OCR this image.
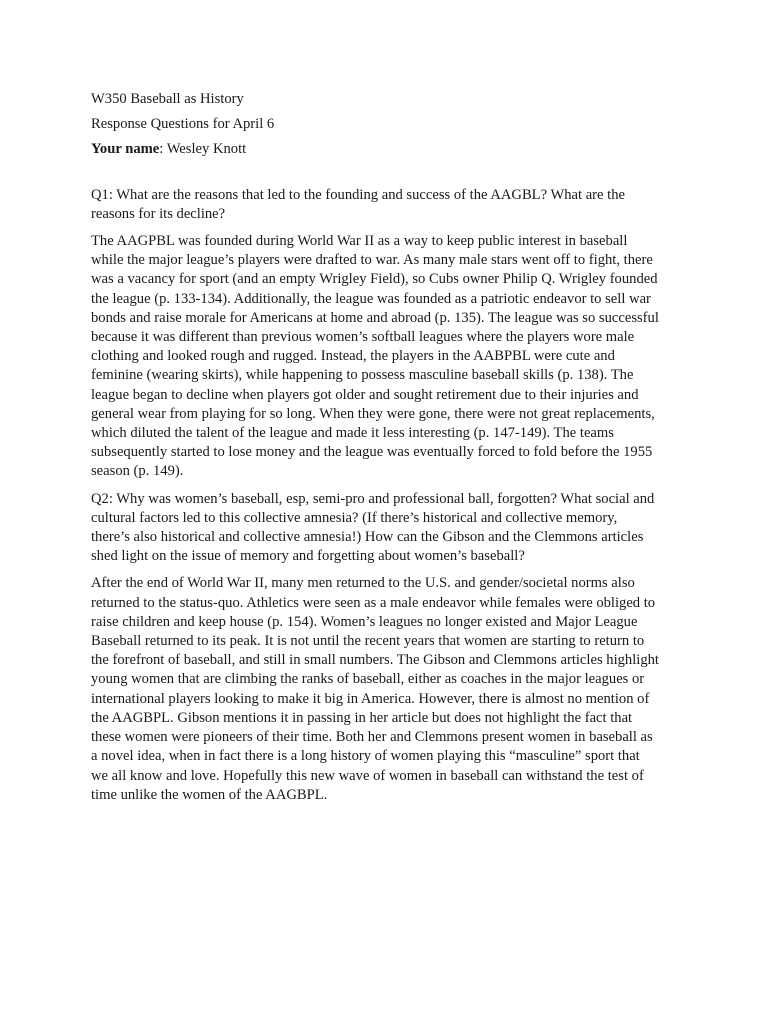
W350 Baseball as History

Response Questions for April 6

Your name: Wesley Knott

Q1: What are the reasons that led to the founding and success of the AAGBL? What are the

reasons for its decline?

The AAGPBL was founded during World War II as a way to keep public interest in baseball

while the major league’s players were drafted to war. As many male stars went off to fight, there

was a vacancy for sport (and an empty Wrigley Field), so Cubs owner Philip Q. Wrigley founded

the league (p. 133-134). Additionally, the league was founded as a patriotic endeavor to sell war

bonds and raise morale for Americans at home and abroad (p. 135). The league was so successful

because it was different than previous women’s softball leagues where the players wore male

clothing and looked rough and rugged. Instead, the players in the AABPBL were cute and

feminine (wearing skirts), while happening to possess masculine baseball skills (p. 138). The

league began to decline when players got older and sought retirement due to their injuries and

general wear from playing for so long. When they were gone, there were not great replacements,

which diluted the talent of the league and made it less interesting (p. 147-149). The teams

subsequently started to lose money and the league was eventually forced to fold before the 1955

season (p. 149).

Q2: Why was women’s baseball, esp, semi-pro and professional ball, forgotten? What social and

cultural factors led to this collective amnesia? (If there’s historical and collective memory,

there’s also historical and collective amnesia!) How can the Gibson and the Clemmons articles

shed light on the issue of memory and forgetting about women’s baseball?

After the end of World War II, many men returned to the U.S. and gender/societal norms also

returned to the status-quo. Athletics were seen as a male endeavor while females were obliged to

raise children and keep house (p. 154). Women’s leagues no longer existed and Major League

Baseball returned to its peak. It is not until the recent years that women are starting to return to

the forefront of baseball, and still in small numbers. The Gibson and Clemmons articles highlight

young women that are climbing the ranks of baseball, either as coaches in the major leagues or

international players looking to make it big in America. However, there is almost no mention of

the AAGBPL. Gibson mentions it in passing in her article but does not highlight the fact that

these women were pioneers of their time. Both her and Clemmons present women in baseball as

a novel idea, when in fact there is a long history of women playing this “masculine” sport that

we all know and love. Hopefully this new wave of women in baseball can withstand the test of

time unlike the women of the AAGBPL.
